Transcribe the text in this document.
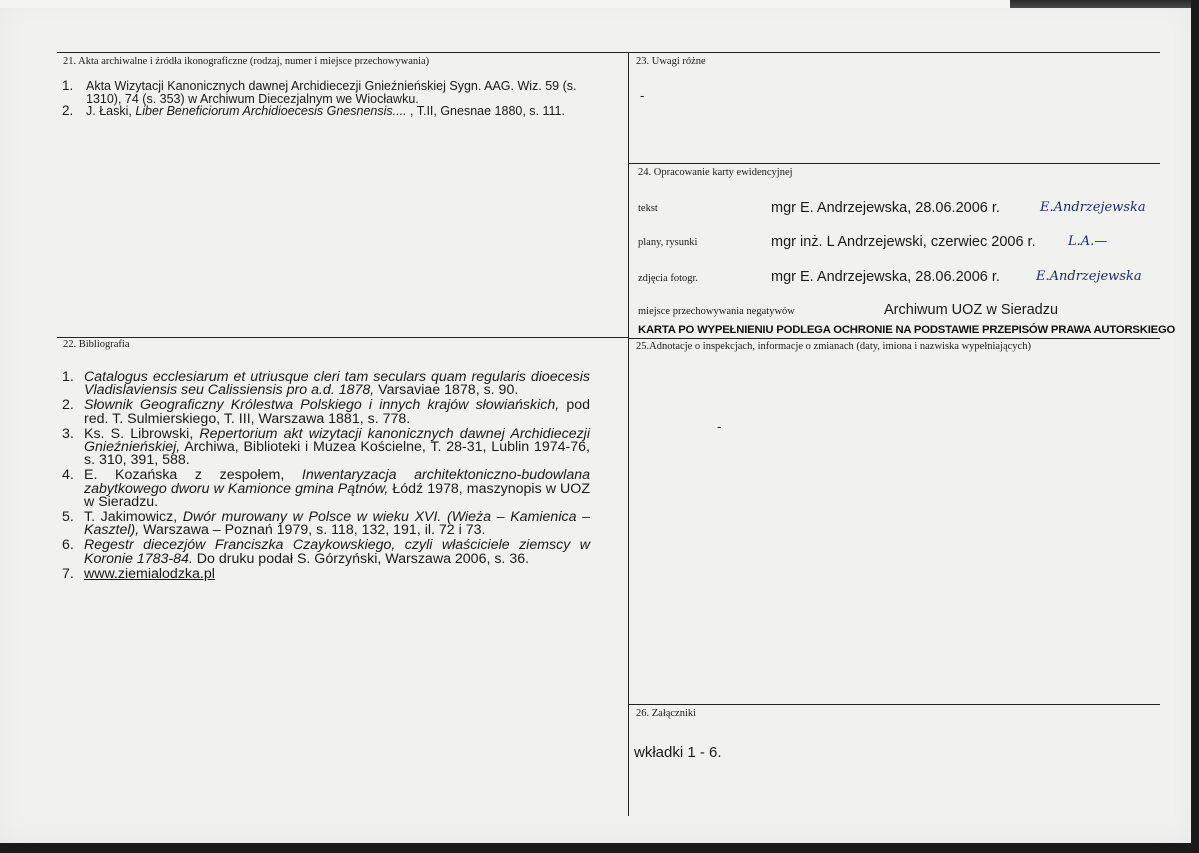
21. Akta archiwalne i źródła ikonograficzne (rodzaj, numer i miejsce przechowywania)
1. Akta Wizytacji Kanonicznych dawnej Archidiecezji Gnieźnieńskiej Sygn. AAG. Wiz. 59 (s. 1310), 74 (s. 353) w Archiwum Diecezjalnym we Wiocławku.
2. J. Łaski, Liber Beneficiorum Archidioecesis Gnesnensis.... , T.II, Gnesnae 1880, s. 111.
22. Bibliografia
1. Catalogus ecclesiarum et utriusque cleri tam seculars quam regularis dioecesis Vladislaviensis seu Calissiensis pro a.d. 1878, Varsaviae 1878, s. 90.
2. Słownik Geograficzny Królestwa Polskiego i innych krajów słowiańskich, pod red. T. Sulmierskiego, T. III, Warszawa 1881, s. 778.
3. Ks. S. Librowski, Repertorium akt wizytacji kanonicznych dawnej Archidiecezji Gnieźnieńskiej, Archiwa, Biblioteki i Muzea Kościelne, T. 28-31, Lublin 1974-76, s. 310, 391, 588.
4. E. Kozańska z zespołem, Inwentaryzacja architektoniczno-budowlana zabytkowego dworu w Kamionce gmina Pątnów, Łódź 1978, maszynopis w UOZ w Sieradzu.
5. T. Jakimowicz, Dwór murowany w Polsce w wieku XVI. (Wieża – Kamienica – Kasztel), Warszawa – Poznań 1979, s. 118, 132, 191, il. 72 i 73.
6. Regestr diecezjów Franciszka Czaykowskiego, czyli właściciele ziemscy w Koronie 1783-84. Do druku podał S. Górzyński, Warszawa 2006, s. 36.
7. www.ziemialodzka.pl
23. Uwagi różne
-
24. Opracowanie karty ewidencyjnej
tekst	mgr E. Andrzejewska, 28.06.2006 r.	E.Andrzejewska
plany, rysunki	mgr inż. L Andrzejewski, czerwiec 2006 r. L.A.—
zdjęcia fotogr.	mgr E. Andrzejewska, 28.06.2006 r.	E.Andrzejewska
miejsce przechowywania negatywów	Archiwum UOZ w Sieradzu
KARTA PO WYPEŁNIENIU PODLEGA OCHRONIE NA PODSTAWIE PRZEPISÓW PRAWA AUTORSKIEGO
25.Adnotacje o inspekcjach, informacje o zmianach (daty, imiona i nazwiska wypełniających)
-
26. Załączniki
wkładki 1 - 6.
